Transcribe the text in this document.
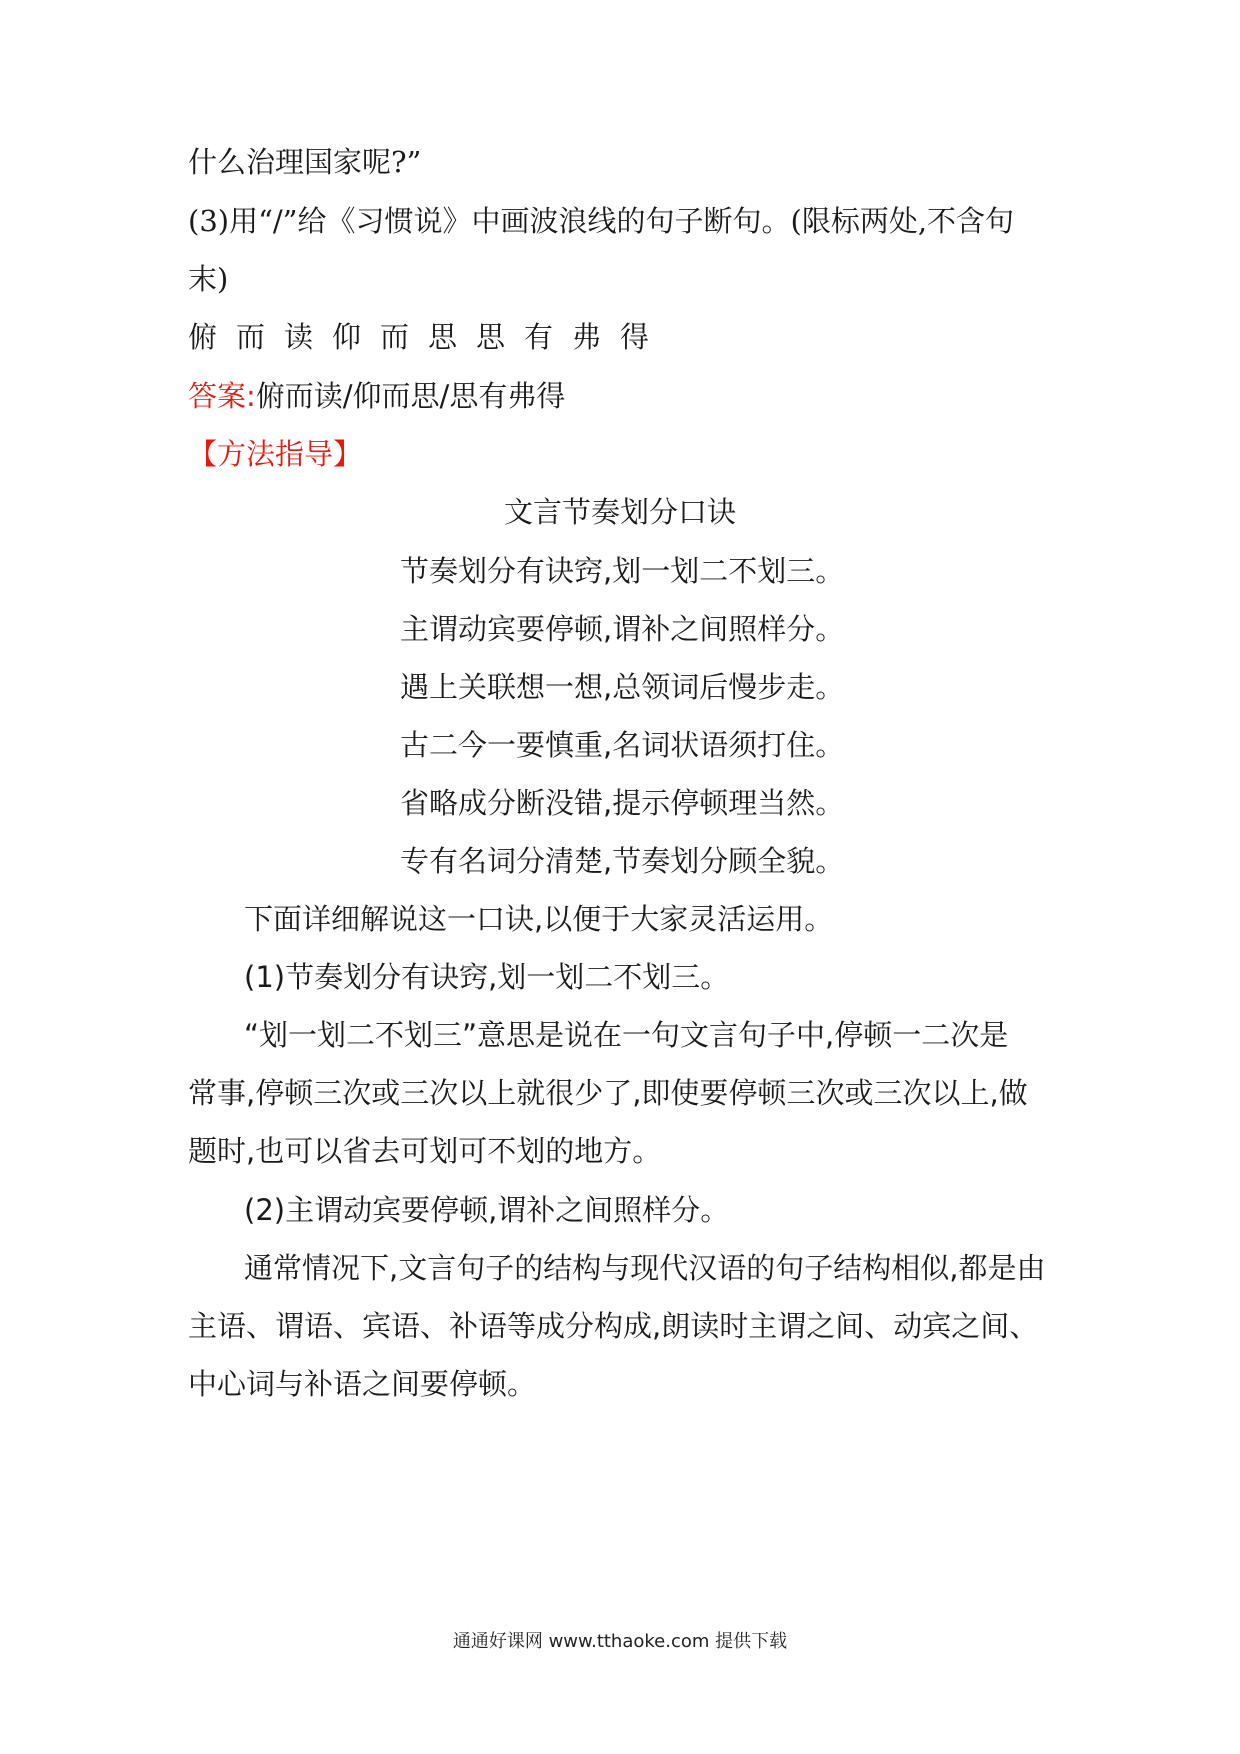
什么治理国家呢?”
(3)用“/”给《习惯说》中画波浪线的句子断句。(限标两处,不含句
末)
俯而读仰而思思有弗得
答案:俯而读/仰而思/思有弗得
【方法指导】
文言节奏划分口诀
节奏划分有诀窍,划一划二不划三。
主谓动宾要停顿,谓补之间照样分。
遇上关联想一想,总领词后慢步走。
古二今一要慎重,名词状语须打住。
省略成分断没错,提示停顿理当然。
专有名词分清楚,节奏划分顾全貌。
下面详细解说这一口诀,以便于大家灵活运用。
(1)节奏划分有诀窍,划一划二不划三。
“划一划二不划三”意思是说在一句文言句子中,停顿一二次是
常事,停顿三次或三次以上就很少了,即使要停顿三次或三次以上,做
题时,也可以省去可划可不划的地方。
(2)主谓动宾要停顿,谓补之间照样分。
通常情况下,文言句子的结构与现代汉语的句子结构相似,都是由
主语、谓语、宾语、补语等成分构成,朗读时主谓之间、动宾之间、
中心词与补语之间要停顿。
通通好课网 www.tthaoke.com 提供下载
